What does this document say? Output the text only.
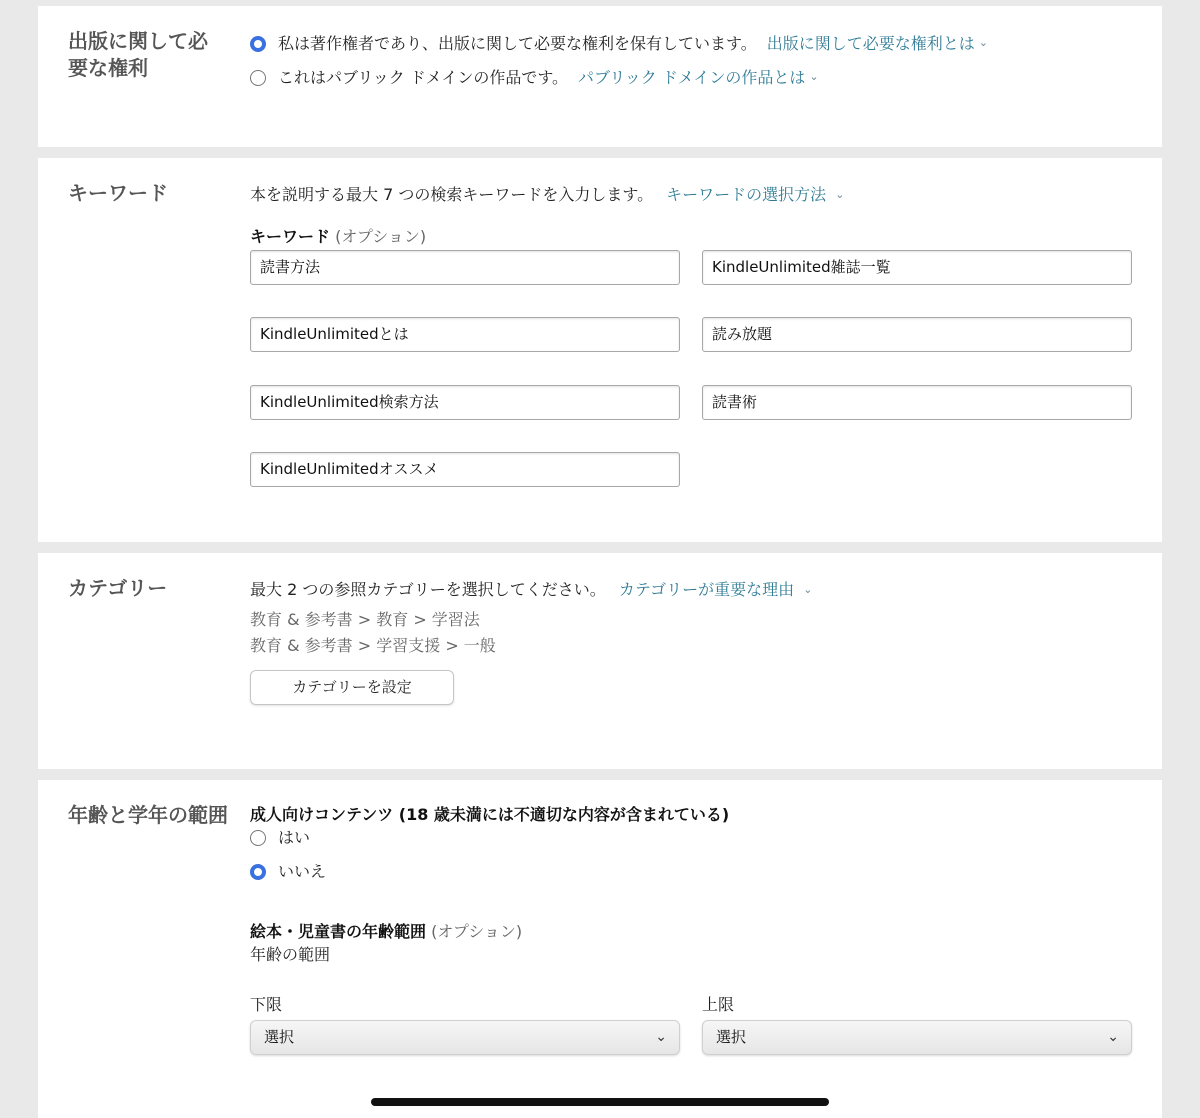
出版に関して必要な権利
私は著作権者であり、出版に関して必要な権利を保有しています。 出版に関して必要な権利とは ⌄
これはパブリック ドメインの作品です。 パブリック ドメインの作品とは ⌄
キーワード	本を説明する最大 7 つの検索キーワードを入力します。 キーワードの選択方法 ⌄
キーワード (オプション)
読書方法	KindleUnlimited雑誌一覧
KindleUnlimitedとは	読み放題
KindleUnlimited検索方法	読書術
KindleUnlimitedオススメ
カテゴリー	最大 2 つの参照カテゴリーを選択してください。 カテゴリーが重要な理由 ⌄
教育 & 参考書 > 教育 > 学習法
教育 & 参考書 > 学習支援 > 一般
カテゴリーを設定
年齢と学年の範囲 成人向けコンテンツ (18 歳未満には不適切な内容が含まれている)
はい
いいえ
絵本・児童書の年齢範囲 (オプション)
年齢の範囲
下限	上限
選択	⌄	選択	⌄
